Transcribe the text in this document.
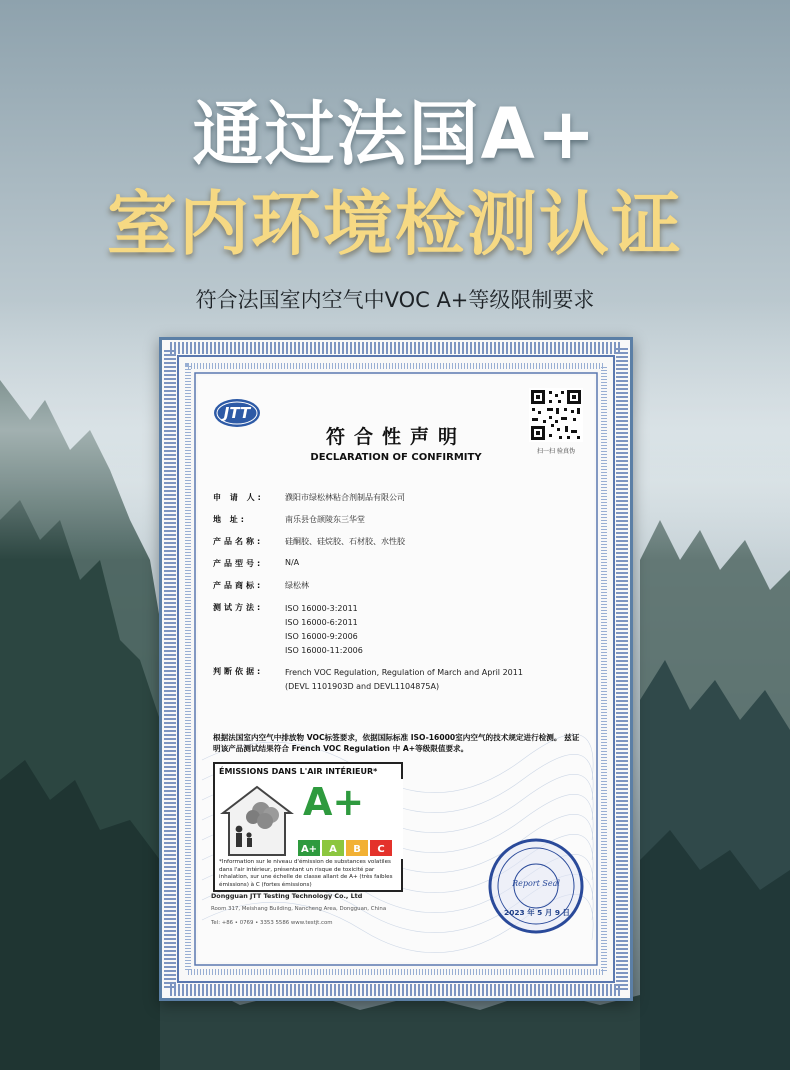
通过法国A+
室内环境检测认证
符合法国室内空气中VOC A+等级限制要求
JTT
扫一扫 验真伪
符合性声明
DECLARATION OF CONFIRMITY
申 请 人:	濮阳市绿松林粘合剂制品有限公司
地 址:	南乐县仓颉陵东三华堂
产品名称:	硅酮胶、硅烷胶、石材胶、水性胶
产品型号:	N/A
产品商标:	绿松林
测试方法:	ISO 16000-3:2011
ISO 16000-6:2011
ISO 16000-9:2006
ISO 16000-11:2006
判断依据:	French VOC Regulation, Regulation of March and April 2011
(DEVL 1101903D and DEVL1104875A)
根据法国室内空气中排放物 VOC标签要求，依据国际标准 ISO-16000室内空气的技术规定进行检测。 兹证明该产品测试结果符合 French VOC Regulation 中 A+等级限值要求。
ÉMISSIONS DANS L'AIR INTÉRIEUR*
A+
A+ A B C
*Information sur le niveau d'émission de substances volatiles dans l'air intérieur, présentant un risque de toxicité par inhalation, sur une échelle de classe allant de A+ (très faibles émissions) à C (fortes émissions)
Dongguan JTT Testing Technology Co., Ltd
Room 317, Meishang Building, Nancheng Area, Dongguan, China
Tel: +86 • 0769 • 3353 5586 www.testjt.com
Report Seal
2023 年 5 月 9 日
